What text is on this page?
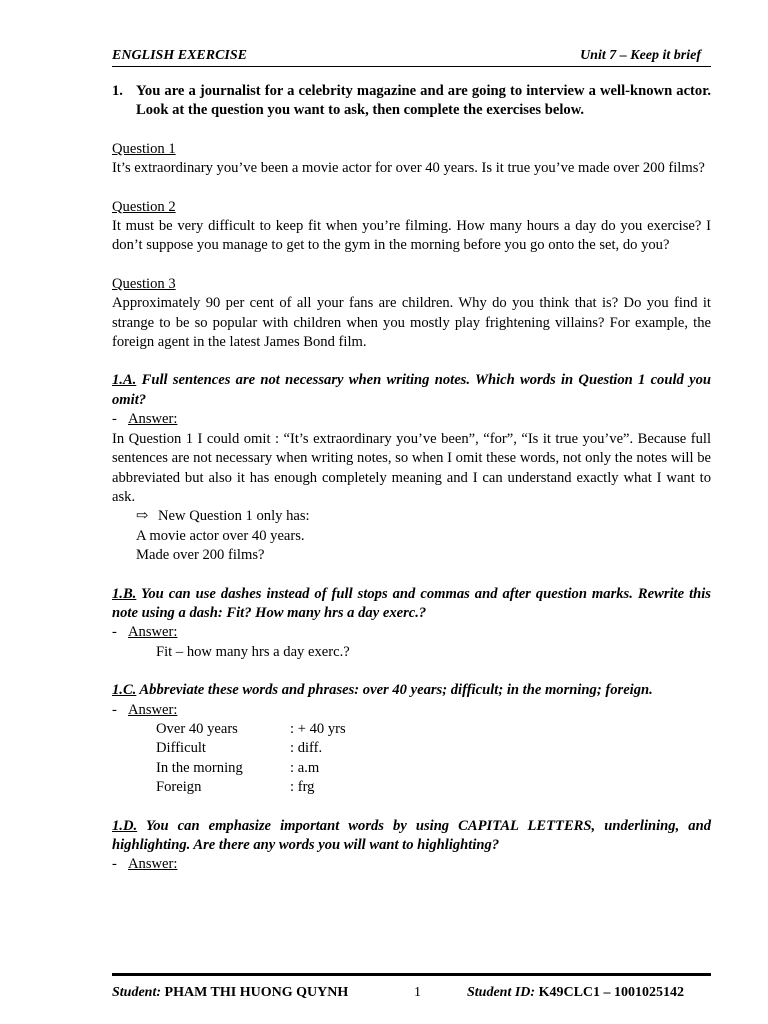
ENGLISH EXERCISE	Unit 7 – Keep it brief
1. You are a journalist for a celebrity magazine and are going to interview a well-known actor. Look at the question you want to ask, then complete the exercises below.

Question 1

It’s extraordinary you’ve been a movie actor for over 40 years. Is it true you’ve made over 200 films?

Question 2

It must be very difficult to keep fit when you’re filming. How many hours a day do you exercise? I don’t suppose you manage to get to the gym in the morning before you go onto the set, do you?

Question 3

Approximately 90 per cent of all your fans are children. Why do you think that is? Do you find it strange to be so popular with children when you mostly play frightening villains? For example, the foreign agent in the latest James Bond film.

1.A. Full sentences are not necessary when writing notes. Which words in Question 1 could you omit?

- Answer:

In Question 1 I could omit : “It’s extraordinary you’ve been”, “for”, “Is it true you’ve”. Because full sentences are not necessary when writing notes, so when I omit these words, not only the notes will be abbreviated but also it has enough completely meaning and I can understand exactly what I want to ask.

⇨ New Question 1 only has:

A movie actor over 40 years.

Made over 200 films?

1.B. You can use dashes instead of full stops and commas and after question marks. Rewrite this note using a dash: Fit? How many hrs a day exerc.?

- Answer:

Fit – how many hrs a day exerc.?

1.C. Abbreviate these words and phrases: over 40 years; difficult; in the morning; foreign.

- Answer:
Over 40 years	: + 40 yrs
Difficult	: diff.
In the morning	: a.m
Foreign	: frg

1.D. You can emphasize important words by using CAPITAL LETTERS, underlining, and highlighting. Are there any words you will want to highlighting?

- Answer:
Student: PHAM THI HUONG QUYNH	1	Student ID: K49CLC1 – 1001025142
